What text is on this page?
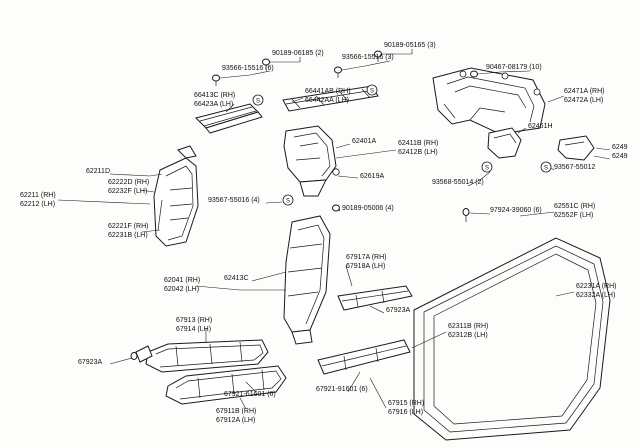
S
S
S	S
S
90189-06185 (2)
90189-05165 (3)
93566-15516 (6)
93566-15516 (3)
90467-08179 (10)
66441AB (RH)
66442AA (LH)
66413C (RH)
66423A (LH)
62471A (RH)
62472A (LH)
62461H
62401A	62411B (RH)
62412B (LH)
6249
6249
62619A
62211D
62222D (RH)
62232F (LH)
62211 (RH)
62212 (LH)	93567-55016 (4)
93568-55014 (2)
93567-55012
62221F (RH)
62231B (LH)
90189-05006 (4)	97924-39060 (6)
62551C (RH)
62552F (LH)
62413C
62041 (RH)
62042 (LH)
67917A (RH)
67918A (LH)
62231A (RH)
62332A (LH)
67923A
62311B (RH)
62312B (LH)
67913 (RH)
67914 (LH)
67923A
67921-61601 (6)
67921-91601 (6)
67915 (RH)
67916 (LH)
67911B (RH)
67912A (LH)
